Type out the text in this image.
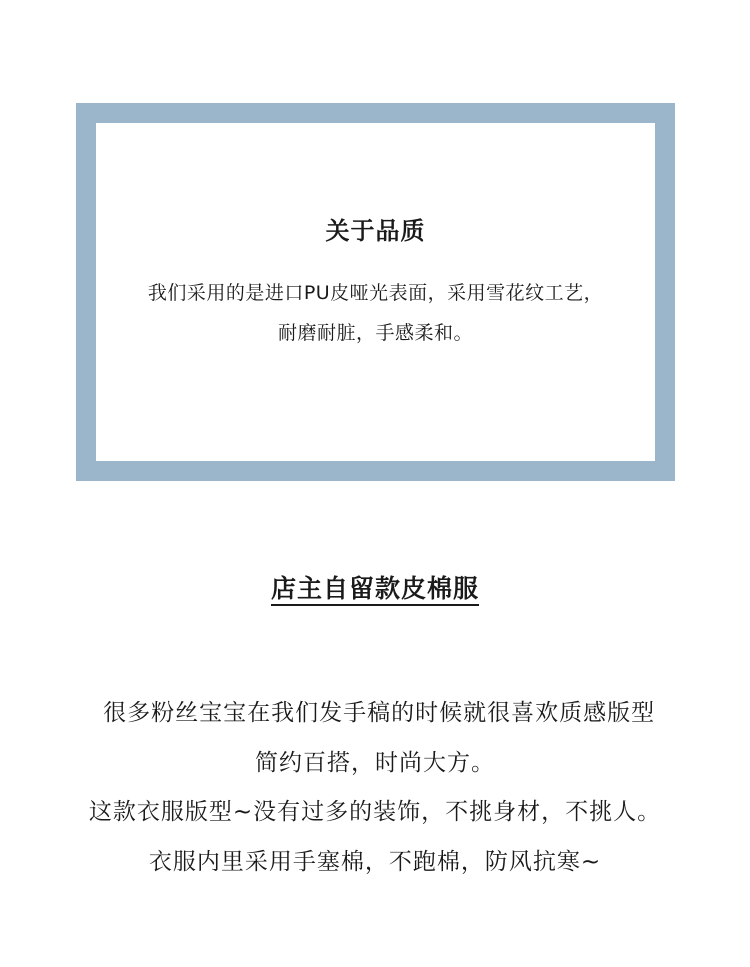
关于品质

我们采用的是进口PU皮哑光表面，采用雪花纹工艺，
耐磨耐脏，手感柔和。

店主自留款皮棉服

很多粉丝宝宝在我们发手稿的时候就很喜欢质感版型
简约百搭，时尚大方。
这款衣服版型~没有过多的装饰，不挑身材，不挑人。
衣服内里采用手塞棉，不跑棉，防风抗寒~
